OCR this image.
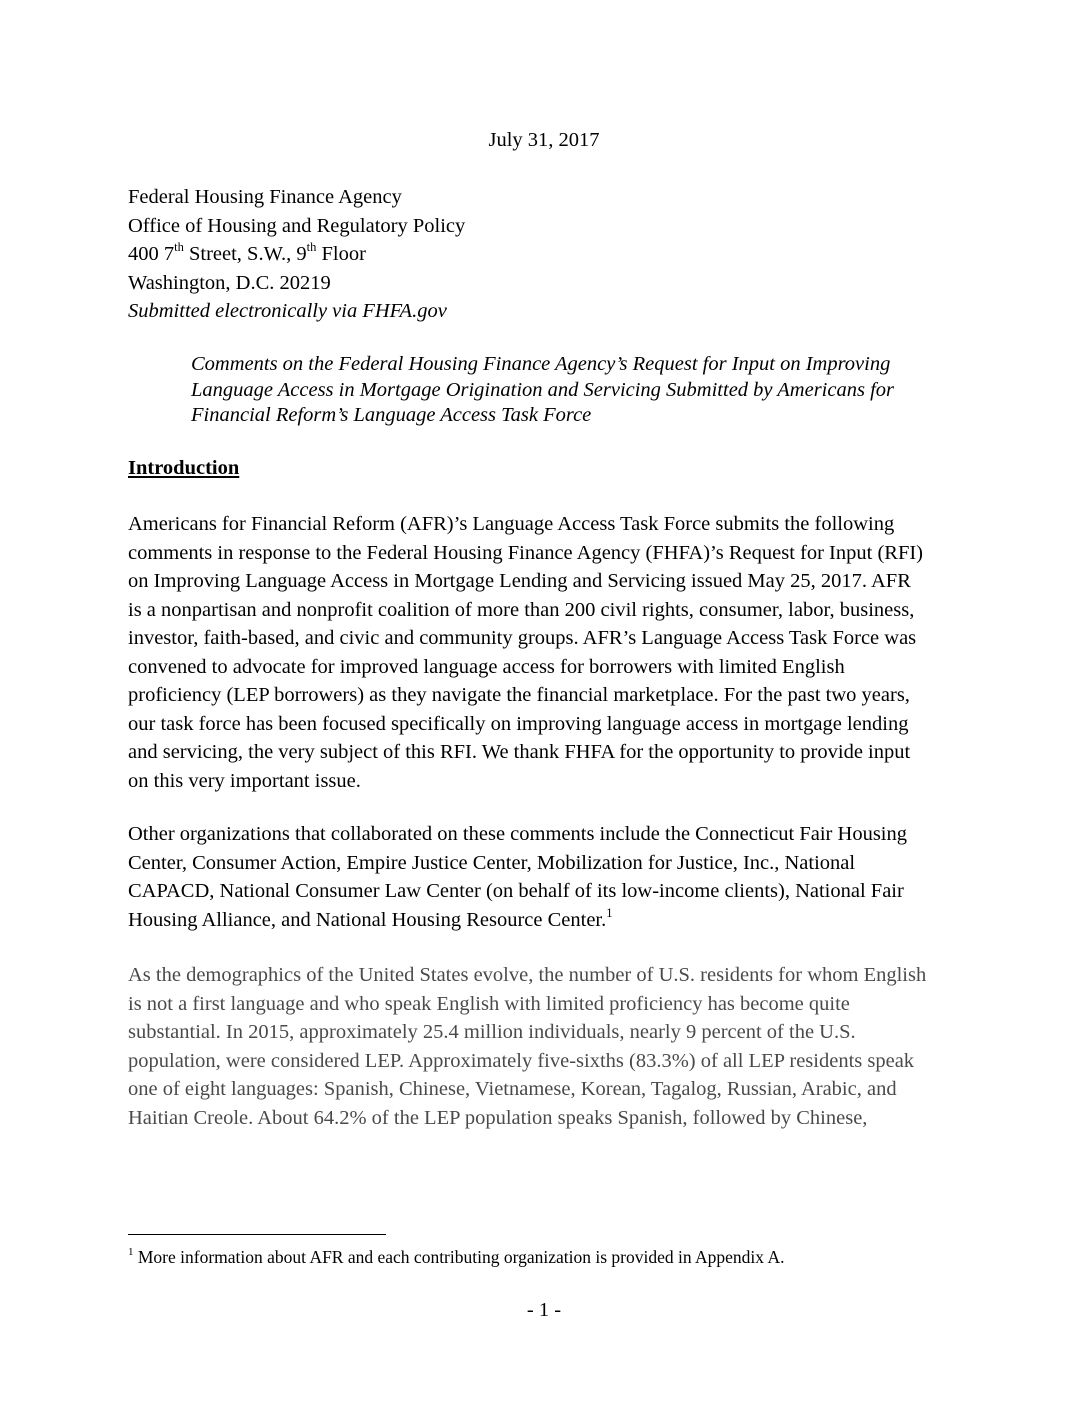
July 31, 2017
Federal Housing Finance Agency
Office of Housing and Regulatory Policy
400 7th Street, S.W., 9th Floor
Washington, D.C. 20219
Submitted electronically via FHFA.gov
Comments on the Federal Housing Finance Agency’s Request for Input on Improving
Language Access in Mortgage Origination and Servicing Submitted by Americans for
Financial Reform’s Language Access Task Force
Introduction
Americans for Financial Reform (AFR)’s Language Access Task Force submits the following
comments in response to the Federal Housing Finance Agency (FHFA)’s Request for Input (RFI)
on Improving Language Access in Mortgage Lending and Servicing issued May 25, 2017. AFR
is a nonpartisan and nonprofit coalition of more than 200 civil rights, consumer, labor, business,
investor, faith-based, and civic and community groups. AFR’s Language Access Task Force was
convened to advocate for improved language access for borrowers with limited English
proficiency (LEP borrowers) as they navigate the financial marketplace. For the past two years,
our task force has been focused specifically on improving language access in mortgage lending
and servicing, the very subject of this RFI. We thank FHFA for the opportunity to provide input
on this very important issue.
Other organizations that collaborated on these comments include the Connecticut Fair Housing
Center, Consumer Action, Empire Justice Center, Mobilization for Justice, Inc., National
CAPACD, National Consumer Law Center (on behalf of its low-income clients), National Fair
Housing Alliance, and National Housing Resource Center.$^1$
As the demographics of the United States evolve, the number of U.S. residents for whom English
is not a first language and who speak English with limited proficiency has become quite
substantial. In 2015, approximately 25.4 million individuals, nearly 9 percent of the U.S.
population, were considered LEP. Approximately five-sixths (83.3%) of all LEP residents speak
one of eight languages: Spanish, Chinese, Vietnamese, Korean, Tagalog, Russian, Arabic, and
Haitian Creole. About 64.2% of the LEP population speaks Spanish, followed by Chinese,
$^1$ More information about AFR and each contributing organization is provided in Appendix A.
- 1 -
